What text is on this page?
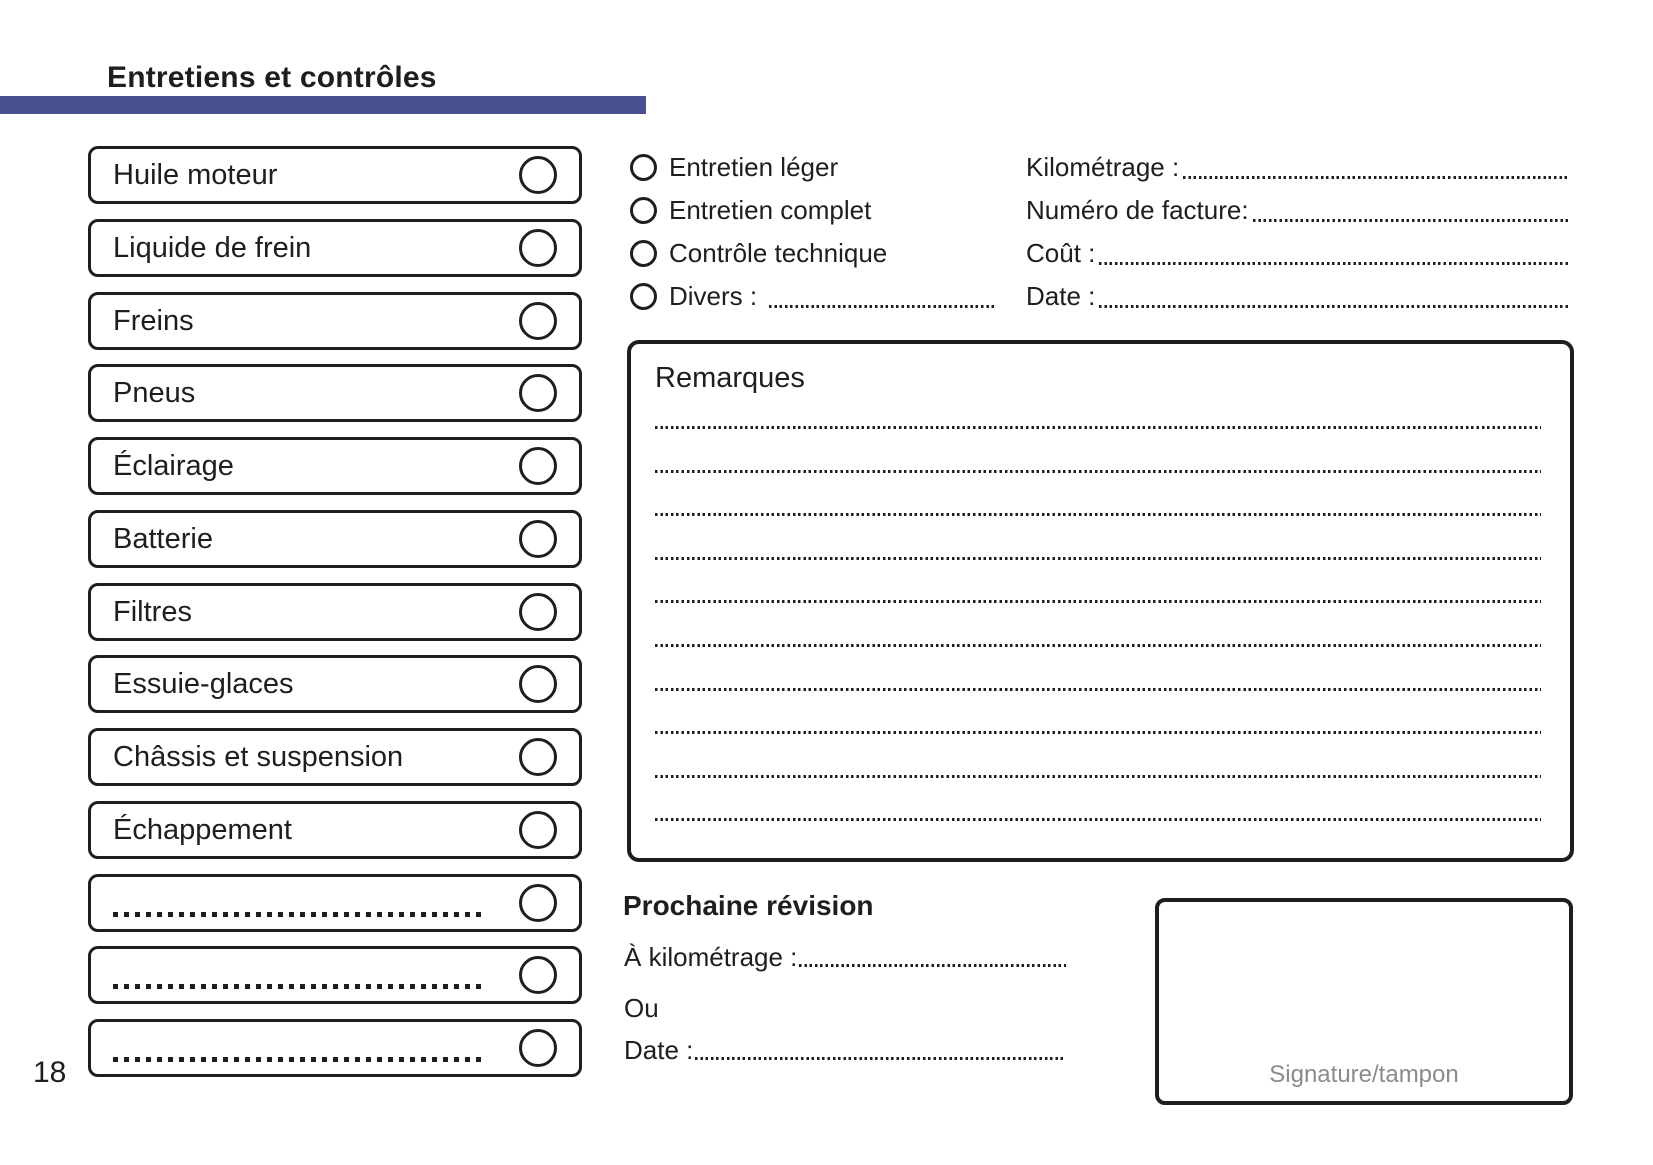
Entretiens et contrôles
Huile moteur
Liquide de frein
Freins
Pneus
Éclairage
Batterie
Filtres
Essuie-glaces
Châssis et suspension
Échappement
Entretien léger
Entretien complet
Contrôle technique
Divers :
Kilométrage :
Numéro de facture:
Coût :
Date :
Remarques
Prochaine révision
À kilométrage :
Ou
Date :
Signature/tampon
18
